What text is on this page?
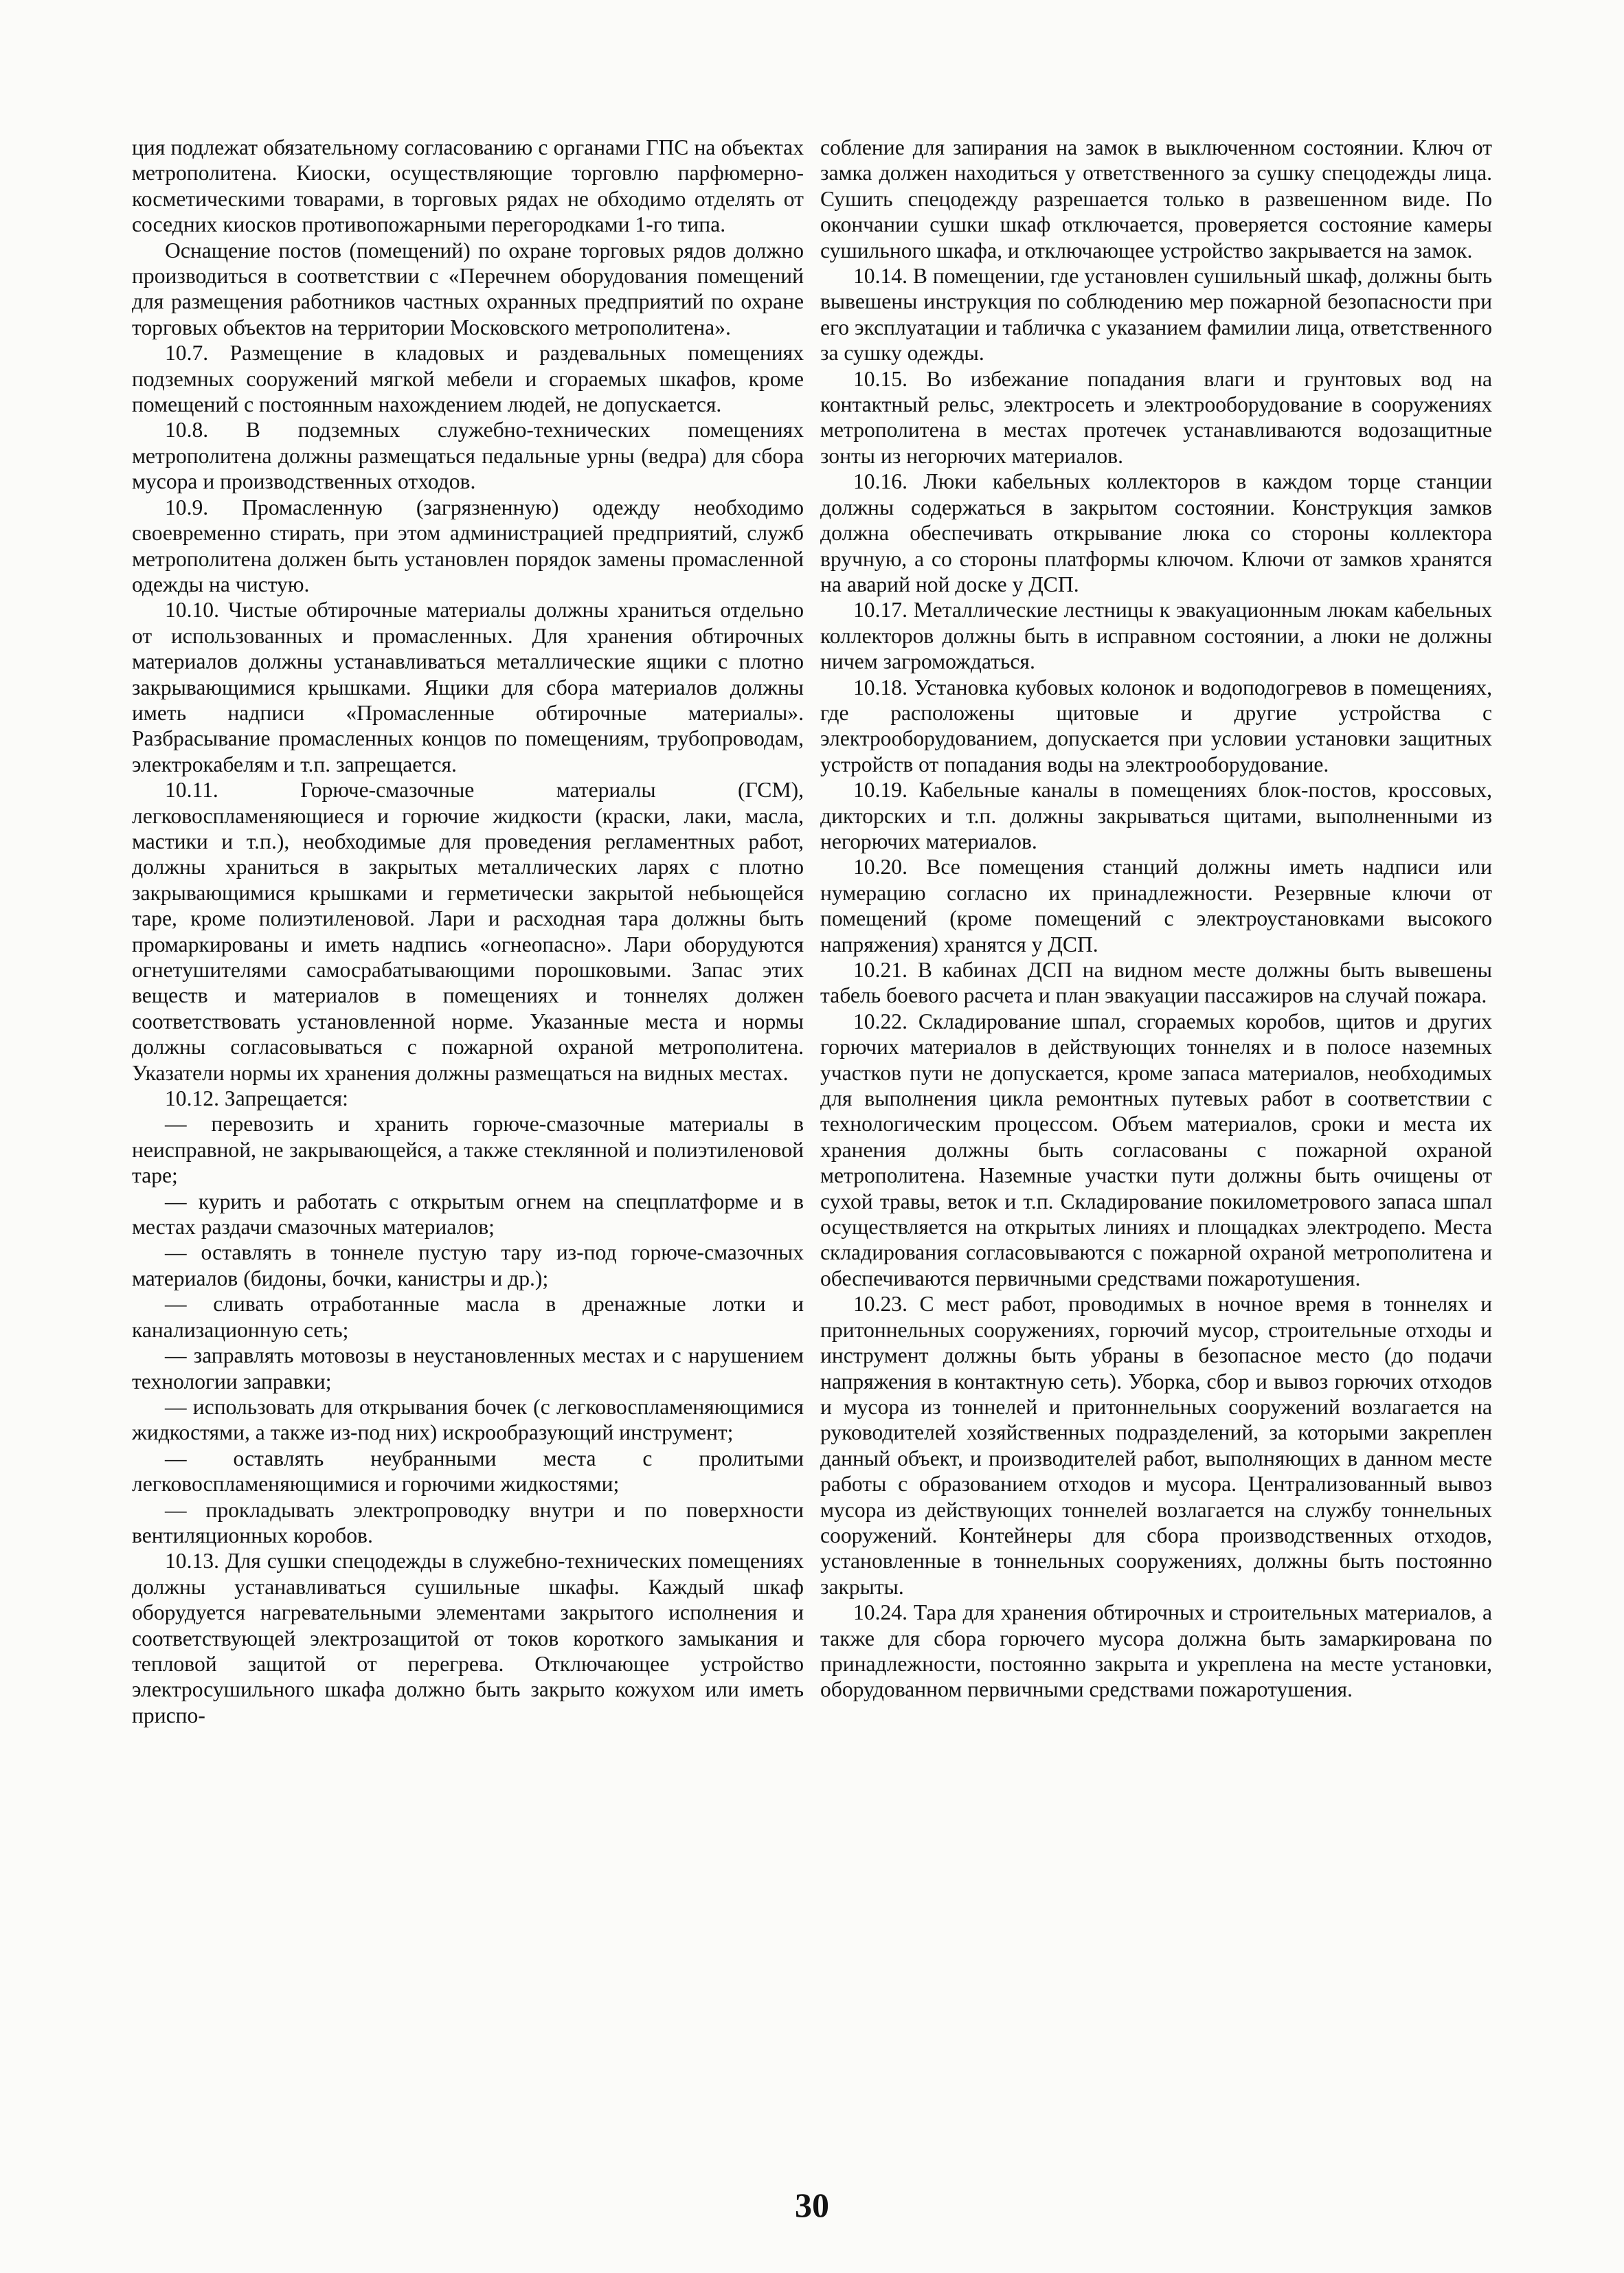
ция подлежат обязательному согласованию с органами ГПС на объектах метрополитена. Киоски, осуществляющие торговлю парфюмерно-косметическими товарами, в торговых рядах не обходимо отделять от соседних киосков противопожарными перегородками 1-го типа.

Оснащение постов (помещений) по охране торговых рядов должно производиться в соответствии с «Перечнем оборудования помещений для размещения работников частных охранных предприятий по охране торговых объектов на территории Московского метрополитена».

10.7. Размещение в кладовых и раздевальных помещениях подземных сооружений мягкой мебели и сгораемых шкафов, кроме помещений с постоянным нахождением людей, не допускается.

10.8. В подземных служебно-технических помещениях метрополитена должны размещаться педальные урны (ведра) для сбора мусора и производственных отходов.

10.9. Промасленную (загрязненную) одежду необходимо своевременно стирать, при этом администрацией предприятий, служб метрополитена должен быть установлен порядок замены промасленной одежды на чистую.

10.10. Чистые обтирочные материалы должны храниться отдельно от использованных и промасленных. Для хранения обтирочных материалов должны устанавливаться металлические ящики с плотно закрывающимися крышками. Ящики для сбора материалов должны иметь надписи «Промасленные обтирочные материалы». Разбрасывание промасленных концов по помещениям, трубопроводам, электрокабелям и т.п. запрещается.

10.11. Горюче-смазочные материалы (ГСМ), легковоспламеняющиеся и горючие жидкости (краски, лаки, масла, мастики и т.п.), необходимые для проведения регламентных работ, должны храниться в закрытых металлических ларях с плотно закрывающимися крышками и герметически закрытой небьющейся таре, кроме полиэтиленовой. Лари и расходная тара должны быть промаркированы и иметь надпись «огнеопасно». Лари оборудуются огнетушителями самосрабатывающими порошковыми. Запас этих веществ и материалов в помещениях и тоннелях должен соответствовать установленной норме. Указанные места и нормы должны согласовываться с пожарной охраной метрополитена. Указатели нормы их хранения должны размещаться на видных местах.

10.12. Запрещается:

— перевозить и хранить горюче-смазочные материалы в неисправной, не закрывающейся, а также стеклянной и полиэтиленовой таре;

— курить и работать с открытым огнем на спецплатформе и в местах раздачи смазочных материалов;

— оставлять в тоннеле пустую тару из-под горюче-смазочных материалов (бидоны, бочки, канистры и др.);

— сливать отработанные масла в дренажные лотки и канализационную сеть;

— заправлять мотовозы в неустановленных местах и с нарушением технологии заправки;

— использовать для открывания бочек (с легковоспламеняющимися жидкостями, а также из-под них) искрообразующий инструмент;

— оставлять неубранными места с пролитыми легковоспламеняющимися и горючими жидкостями;

— прокладывать электропроводку внутри и по поверхности вентиляционных коробов.

10.13. Для сушки спецодежды в служебно-технических помещениях должны устанавливаться сушильные шкафы. Каждый шкаф оборудуется нагревательными элементами закрытого исполнения и соответствующей электрозащитой от токов короткого замыкания и тепловой защитой от перегрева. Отключающее устройство электросушильного шкафа должно быть закрыто кожухом или иметь приспо-

собление для запирания на замок в выключенном состоянии. Ключ от замка должен находиться у ответственного за сушку спецодежды лица. Сушить спецодежду разрешается только в развешенном виде. По окончании сушки шкаф отключается, проверяется состояние камеры сушильного шкафа, и отключающее устройство закрывается на замок.

10.14. В помещении, где установлен сушильный шкаф, должны быть вывешены инструкция по соблюдению мер пожарной безопасности при его эксплуатации и табличка с указанием фамилии лица, ответственного за сушку одежды.

10.15. Во избежание попадания влаги и грунтовых вод на контактный рельс, электросеть и электрооборудование в сооружениях метрополитена в местах протечек устанавливаются водозащитные зонты из негорючих материалов.

10.16. Люки кабельных коллекторов в каждом торце станции должны содержаться в закрытом состоянии. Конструкция замков должна обеспечивать открывание люка со стороны коллектора вручную, а со стороны платформы ключом. Ключи от замков хранятся на аварий ной доске у ДСП.

10.17. Металлические лестницы к эвакуационным люкам кабельных коллекторов должны быть в исправном состоянии, а люки не должны ничем загромождаться.

10.18. Установка кубовых колонок и водоподогревов в помещениях, где расположены щитовые и другие устройства с электрооборудованием, допускается при условии установки защитных устройств от попадания воды на электрооборудование.

10.19. Кабельные каналы в помещениях блок-постов, кроссовых, дикторских и т.п. должны закрываться щитами, выполненными из негорючих материалов.

10.20. Все помещения станций должны иметь надписи или нумерацию согласно их принадлежности. Резервные ключи от помещений (кроме помещений с электроустановками высокого напряжения) хранятся у ДСП.

10.21. В кабинах ДСП на видном месте должны быть вывешены табель боевого расчета и план эвакуации пассажиров на случай пожара.

10.22. Складирование шпал, сгораемых коробов, щитов и других горючих материалов в действующих тоннелях и в полосе наземных участков пути не допускается, кроме запаса материалов, необходимых для выполнения цикла ремонтных путевых работ в соответствии с технологическим процессом. Объем материалов, сроки и места их хранения должны быть согласованы с пожарной охраной метрополитена. Наземные участки пути должны быть очищены от сухой травы, веток и т.п. Складирование покилометрового запаса шпал осуществляется на открытых линиях и площадках электродепо. Места складирования согласовываются с пожарной охраной метрополитена и обеспечиваются первичными средствами пожаротушения.

10.23. С мест работ, проводимых в ночное время в тоннелях и притоннельных сооружениях, горючий мусор, строительные отходы и инструмент должны быть убраны в безопасное место (до подачи напряжения в контактную сеть). Уборка, сбор и вывоз горючих отходов и мусора из тоннелей и притоннельных сооружений возлагается на руководителей хозяйственных подразделений, за которыми закреплен данный объект, и производителей работ, выполняющих в данном месте работы с образованием отходов и мусора. Централизованный вывоз мусора из действующих тоннелей возлагается на службу тоннельных сооружений. Контейнеры для сбора производственных отходов, установленные в тоннельных сооружениях, должны быть постоянно закрыты.

10.24. Тара для хранения обтирочных и строительных материалов, а также для сбора горючего мусора должна быть замаркирована по принадлежности, постоянно закрыта и укреплена на месте установки, оборудованном первичными средствами пожаротушения.

30
